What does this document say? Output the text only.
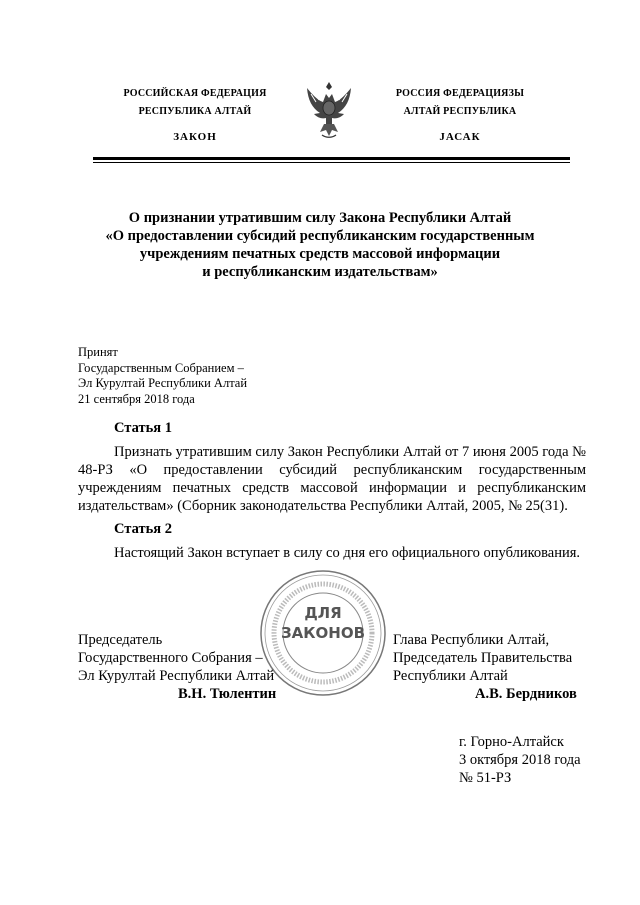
РОССИЙСКАЯ ФЕДЕРАЦИЯ
РЕСПУБЛИКА АЛТАЙ
ЗАКОН
РОССИЯ ФЕДЕРАЦИЯЗЫ
АЛТАЙ РЕСПУБЛИКА
JАСАК
О признании утратившим силу Закона Республики Алтай
«О предоставлении субсидий республиканским государственным
учреждениям печатных средств массовой информации
и республиканским издательствам»
Принят
Государственным Собранием –
Эл Курултай Республики Алтай
21 сентября 2018 года
Статья 1
Признать утратившим силу Закон Республики Алтай от 7 июня 2005 года № 48-РЗ «О предоставлении субсидий республиканским государственным учреждениям печатных средств массовой информации и республиканским издательствам» (Сборник законодательства Республики Алтай, 2005, № 25(31).
Статья 2
Настоящий Закон вступает в силу со дня его официального опубликования.
ДЛЯ
ЗАКОНОВ
Председатель
Государственного Собрания –
Эл Курултай Республики Алтай
В.Н. Тюлентин
Глава Республики Алтай,
Председатель Правительства
Республики Алтай
А.В. Бердников
г. Горно-Алтайск
3 октября 2018 года
№ 51-РЗ
